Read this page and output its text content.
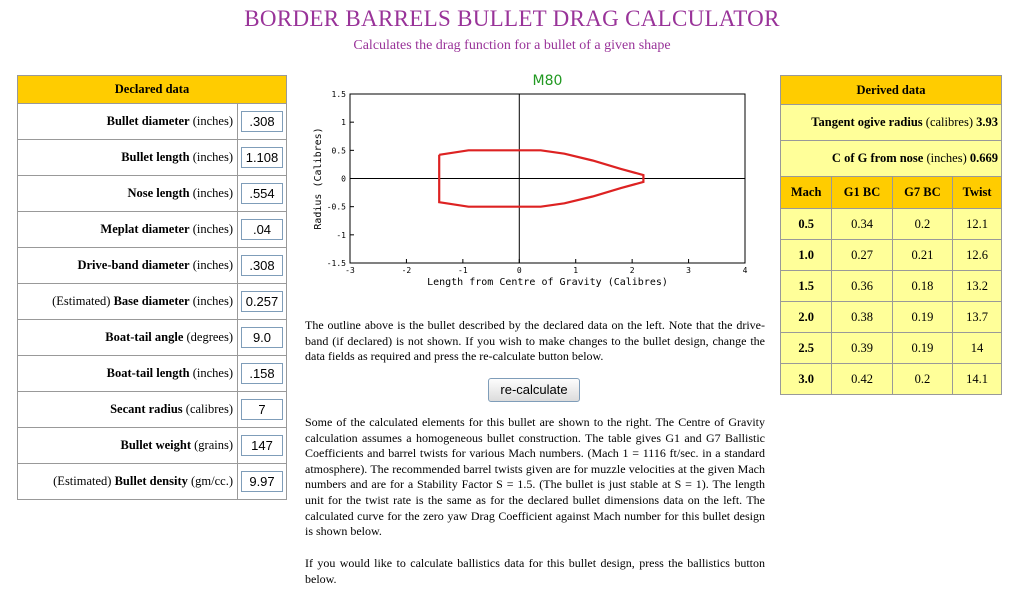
BORDER BARRELS BULLET DRAG CALCULATOR
Calculates the drag function for a bullet of a given shape
Declared data	
Bullet diameter (inches)	.308
Bullet length (inches)	1.108
Nose length (inches)	.554
Meplat diameter (inches)	.04
Drive-band diameter (inches)	.308
(Estimated) Base diameter (inches)	0.257
Boat-tail angle (degrees)	9.0
Boat-tail length (inches)	.158
Secant radius (calibres)	7
Bullet weight (grains)	147
(Estimated) Bullet density (gm/cc.)	9.97
M80
-3	-2	-1	0	1	2	3	4
1.5
1
0.5
0
-0.5
-1
-1.5
Length from Centre of Gravity (Calibres)
Radius (Calibres)
The outline above is the bullet described by the declared data on the left. Note that the drive-band (if declared) is not shown. If you wish to make changes to the bullet design, change the data fields as required and press the re-calculate button below.
re-calculate
Some of the calculated elements for this bullet are shown to the right. The Centre of Gravity calculation assumes a homogeneous bullet construction. The table gives G1 and G7 Ballistic Coefficients and barrel twists for various Mach numbers. (Mach 1 = 1116 ft/sec. in a standard atmosphere). The recommended barrel twists given are for muzzle velocities at the given Mach numbers and are for a Stability Factor S = 1.5. (The bullet is just stable at S = 1). The length unit for the twist rate is the same as for the declared bullet dimensions data on the left. The calculated curve for the zero yaw Drag Coefficient against Mach number for this bullet design is shown below.
If you would like to calculate ballistics data for this bullet design, press the ballistics button below.
Derived data			
Tangent ogive radius (calibres) 3.93			
C of G from nose (inches) 0.669			
Mach	G1 BC	G7 BC	Twist
0.5	0.34	0.2	12.1
1.0	0.27	0.21	12.6
1.5	0.36	0.18	13.2
2.0	0.38	0.19	13.7
2.5	0.39	0.19	14
3.0	0.42	0.2	14.1
